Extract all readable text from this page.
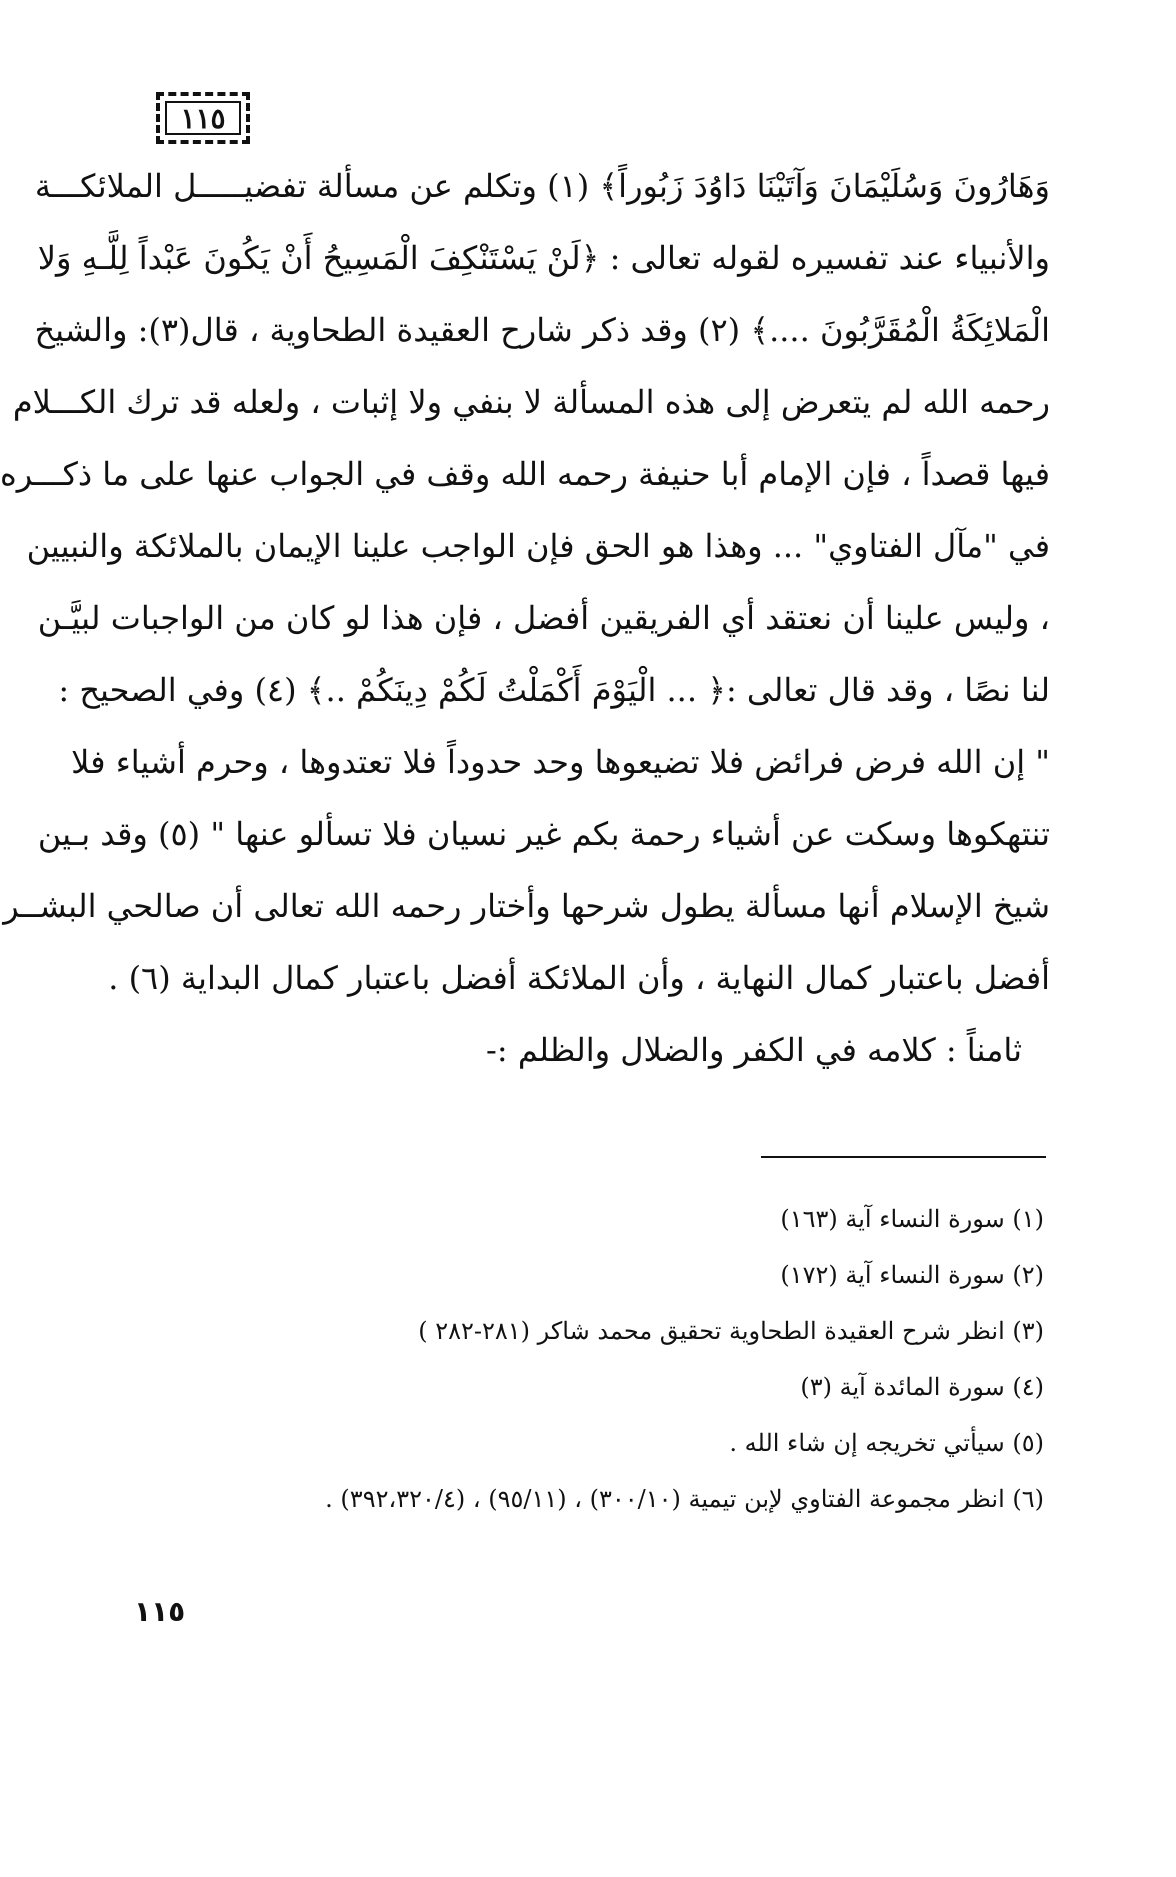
١١٥
وَهَارُونَ وَسُلَيْمَانَ وَآتَيْنَا دَاوُدَ زَبُوراً﴾ (١) وتكلم عن مسألة تفضيـــــل الملائكـــة
والأنبياء عند تفسيره لقوله تعالى : ﴿لَنْ يَسْتَنْكِفَ الْمَسِيحُ أَنْ يَكُونَ عَبْداً لِلَّـهِ وَلا
الْمَلائِكَةُ الْمُقَرَّبُونَ ....﴾ (٢) وقد ذكر شارح العقيدة الطحاوية ، قال(٣): والشيخ
رحمه الله لم يتعرض إلى هذه المسألة لا بنفي ولا إثبات ، ولعله قد ترك الكـــلام
فيها قصداً ، فإن الإمام أبا حنيفة رحمه الله وقف في الجواب عنها على ما ذكـــره
في "مآل الفتاوي" ... وهذا هو الحق فإن الواجب علينا الإيمان بالملائكة والنبيين
، وليس علينا أن نعتقد أي الفريقين أفضل ، فإن هذا لو كان من الواجبات لبيَّـن
لنا نصًا ، وقد قال تعالى :﴿ ... الْيَوْمَ أَكْمَلْتُ لَكُمْ دِينَكُمْ ..﴾ (٤) وفي الصحيح :
" إن الله فرض فرائض فلا تضيعوها وحد حدوداً فلا تعتدوها ، وحرم أشياء فلا
تنتهكوها وسكت عن أشياء رحمة بكم غير نسيان فلا تسألو عنها " (٥) وقد بـين
شيخ الإسلام أنها مسألة يطول شرحها وأختار رحمه الله تعالى أن صالحي البشــر
أفضل باعتبار كمال النهاية ، وأن الملائكة أفضل باعتبار كمال البداية (٦) .
ثامناً : كلامه في الكفر والضلال والظلم :-
(١) سورة النساء آية (١٦٣)
(٢) سورة النساء آية (١٧٢)
(٣) انظر شرح العقيدة الطحاوية تحقيق محمد شاكر (٢٨١-٢٨٢ )
(٤) سورة المائدة آية (٣)
(٥) سيأتي تخريجه إن شاء الله .
(٦) انظر مجموعة الفتاوي لإبن تيمية (٣٠٠/١٠) ، (٩٥/١١) ، (٣٩٢،٣٢٠/٤) .
١١٥
